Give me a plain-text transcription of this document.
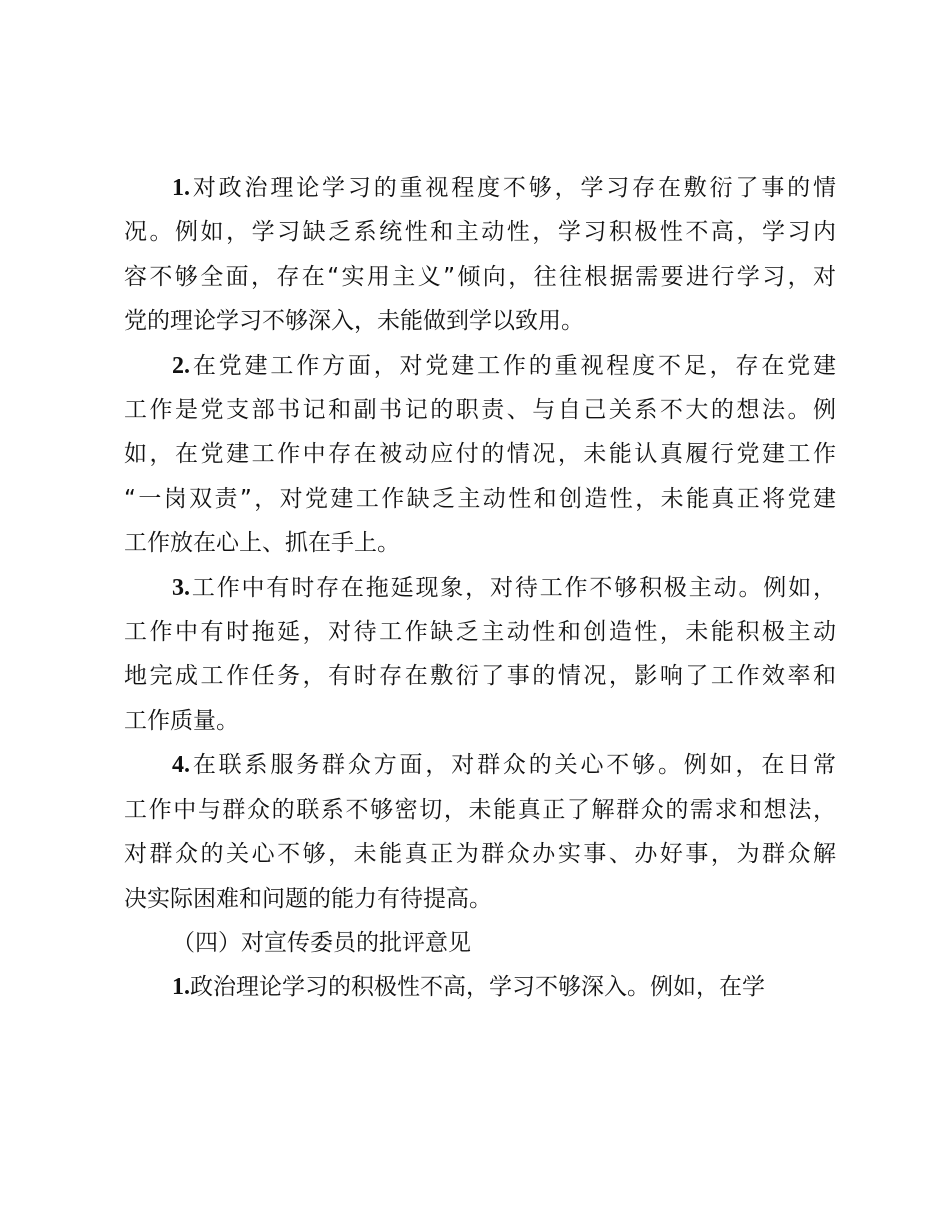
1.对政治理论学习的重视程度不够，学习存在敷衍了事的情
况。例如，学习缺乏系统性和主动性，学习积极性不高，学习内
容不够全面，存在“实用主义”倾向，往往根据需要进行学习，对
党的理论学习不够深入，未能做到学以致用。
2.在党建工作方面，对党建工作的重视程度不足，存在党建
工作是党支部书记和副书记的职责、与自己关系不大的想法。例
如，在党建工作中存在被动应付的情况，未能认真履行党建工作
“一岗双责”，对党建工作缺乏主动性和创造性，未能真正将党建
工作放在心上、抓在手上。
3.工作中有时存在拖延现象，对待工作不够积极主动。例如，
工作中有时拖延，对待工作缺乏主动性和创造性，未能积极主动
地完成工作任务，有时存在敷衍了事的情况，影响了工作效率和
工作质量。
4.在联系服务群众方面，对群众的关心不够。例如，在日常
工作中与群众的联系不够密切，未能真正了解群众的需求和想法，
对群众的关心不够，未能真正为群众办实事、办好事，为群众解
决实际困难和问题的能力有待提高。
（四）对宣传委员的批评意见
1.政治理论学习的积极性不高，学习不够深入。例如，在学
